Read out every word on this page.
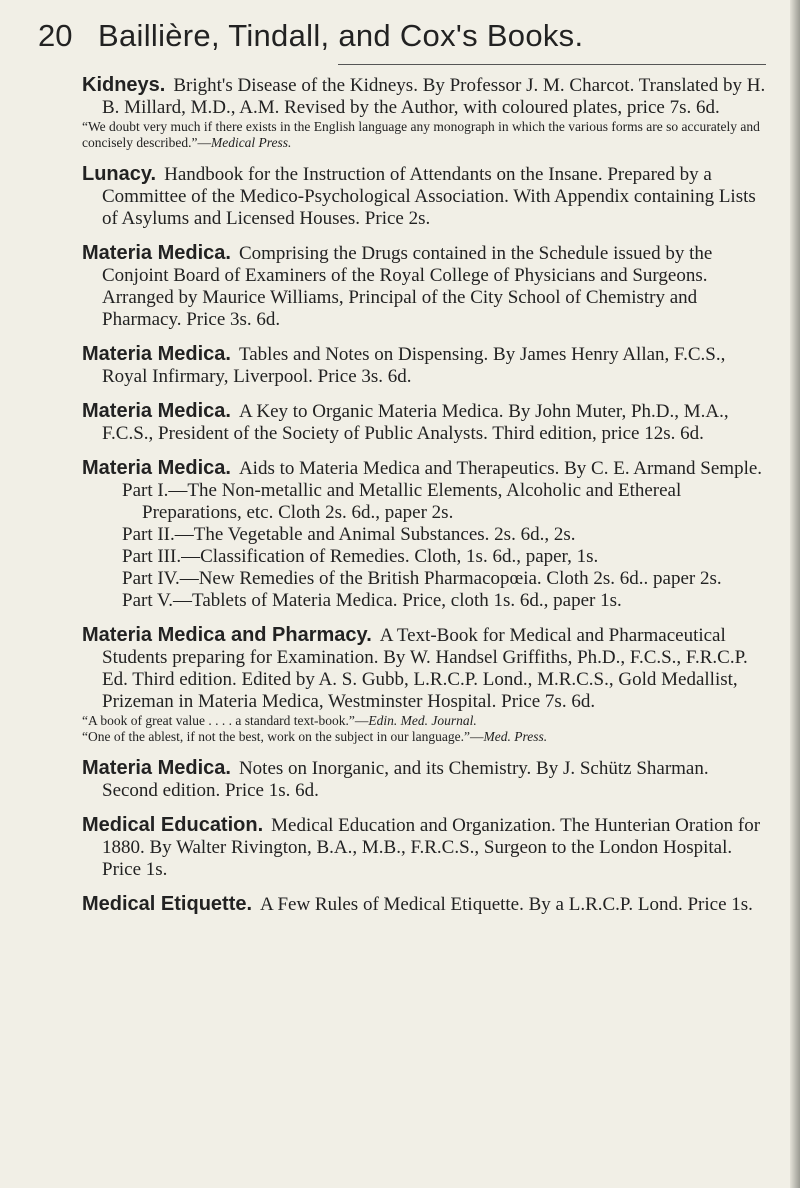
20 Baillière, Tindall, and Cox's Books.
Kidneys. Bright's Disease of the Kidneys. By Professor J. M. Charcot. Translated by H. B. Millard, M.D., A.M. Revised by the Author, with coloured plates, price 7s. 6d.
“We doubt very much if there exists in the English language any monograph in which the various forms are so accurately and concisely described.”—Medical Press.
Lunacy. Handbook for the Instruction of Attendants on the Insane. Prepared by a Committee of the Medico-Psychological Association. With Appendix containing Lists of Asylums and Licensed Houses. Price 2s.
Materia Medica. Comprising the Drugs contained in the Schedule issued by the Conjoint Board of Examiners of the Royal College of Physicians and Surgeons. Arranged by Maurice Williams, Principal of the City School of Chemistry and Pharmacy. Price 3s. 6d.
Materia Medica. Tables and Notes on Dispensing. By James Henry Allan, F.C.S., Royal Infirmary, Liverpool. Price 3s. 6d.
Materia Medica. A Key to Organic Materia Medica. By John Muter, Ph.D., M.A., F.C.S., President of the Society of Public Analysts. Third edition, price 12s. 6d.
Materia Medica. Aids to Materia Medica and Therapeutics. By C. E. Armand Semple.
Part I.—The Non-metallic and Metallic Elements, Alcoholic and Ethereal Preparations, etc. Cloth 2s. 6d., paper 2s.
Part II.—The Vegetable and Animal Substances. 2s. 6d., 2s.
Part III.—Classification of Remedies. Cloth, 1s. 6d., paper, 1s.
Part IV.—New Remedies of the British Pharmacopœia. Cloth 2s. 6d.. paper 2s.
Part V.—Tablets of Materia Medica. Price, cloth 1s. 6d., paper 1s.
Materia Medica and Pharmacy. A Text-Book for Medical and Pharmaceutical Students preparing for Examination. By W. Handsel Griffiths, Ph.D., F.C.S., F.R.C.P. Ed. Third edition. Edited by A. S. Gubb, L.R.C.P. Lond., M.R.C.S., Gold Medallist, Prizeman in Materia Medica, Westminster Hospital. Price 7s. 6d.
“A book of great value . . . . a standard text-book.”—Edin. Med. Journal.
“One of the ablest, if not the best, work on the subject in our language.”—Med. Press.
Materia Medica. Notes on Inorganic, and its Chemistry. By J. Schütz Sharman. Second edition. Price 1s. 6d.
Medical Education. Medical Education and Organization. The Hunterian Oration for 1880. By Walter Rivington, B.A., M.B., F.R.C.S., Surgeon to the London Hospital. Price 1s.
Medical Etiquette. A Few Rules of Medical Etiquette. By a L.R.C.P. Lond. Price 1s.
